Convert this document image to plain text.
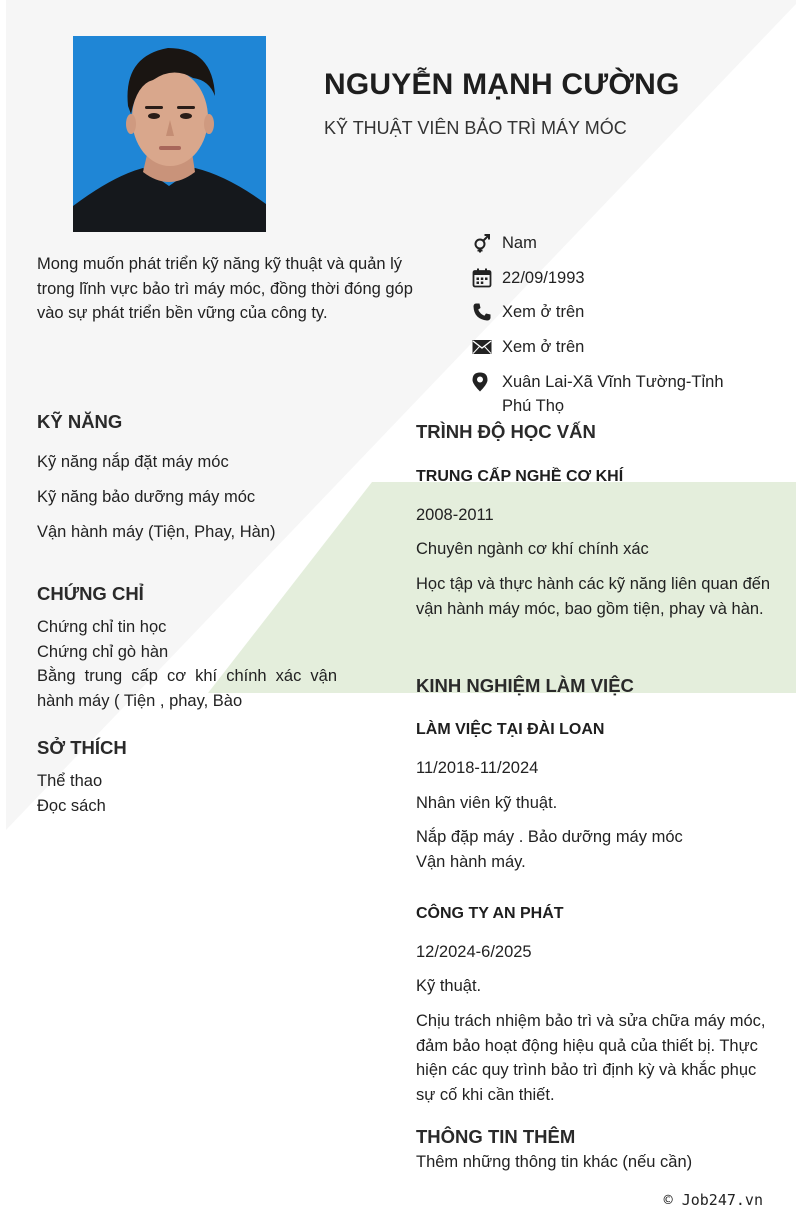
NGUYỄN MẠNH CƯỜNG
KỸ THUẬT VIÊN BẢO TRÌ MÁY MÓC
Mong muốn phát triển kỹ năng kỹ thuật và quản lý trong lĩnh vực bảo trì máy móc, đồng thời đóng góp vào sự phát triển bền vững của công ty.
Nam
22/09/1993
Xem ở trên
Xem ở trên
Xuân Lai-Xã Vĩnh Tường-Tỉnh Phú Thọ
KỸ NĂNG
Kỹ năng nắp đặt máy móc
Kỹ năng bảo dưỡng máy móc
Vận hành máy (Tiện, Phay, Hàn)
CHỨNG CHỈ
Chứng chỉ tin học
Chứng chỉ gò hàn
Bằng trung cấp cơ khí chính xác vận hành máy ( Tiện , phay, Bào
SỞ THÍCH
Thể thao
Đọc sách
TRÌNH ĐỘ HỌC VẤN
TRUNG CẤP NGHỀ CƠ KHÍ
2008-2011
Chuyên ngành cơ khí chính xác
Học tập và thực hành các kỹ năng liên quan đến vận hành máy móc, bao gồm tiện, phay và hàn.
KINH NGHIỆM LÀM VIỆC
LÀM VIỆC TẠI ĐÀI LOAN
11/2018-11/2024
Nhân viên kỹ thuật.
Nắp đặp máy . Bảo dưỡng máy móc
Vận hành máy.
CÔNG TY AN PHÁT
12/2024-6/2025
Kỹ thuật.
Chịu trách nhiệm bảo trì và sửa chữa máy móc, đảm bảo hoạt động hiệu quả của thiết bị. Thực hiện các quy trình bảo trì định kỳ và khắc phục sự cố khi cần thiết.
THÔNG TIN THÊM
Thêm những thông tin khác (nếu cần)
© Job247.vn
